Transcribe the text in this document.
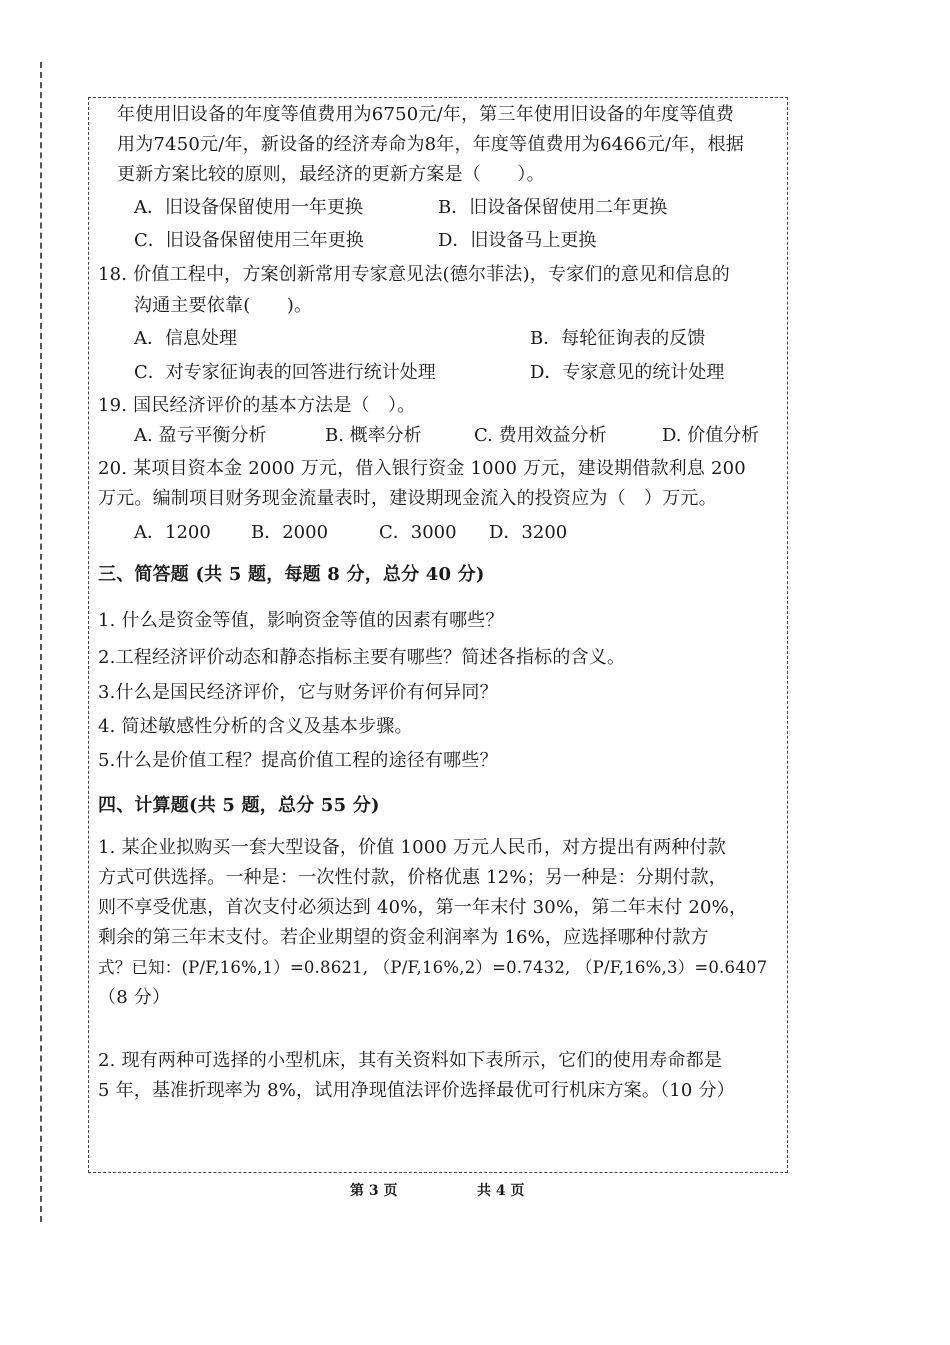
年使用旧设备的年度等值费用为6750元/年，第三年使用旧设备的年度等值费
用为7450元/年，新设备的经济寿命为8年，年度等值费用为6466元/年，根据
更新方案比较的原则，最经济的更新方案是（　　）。
A．旧设备保留使用一年更换	B．旧设备保留使用二年更换
C．旧设备保留使用三年更换	D．旧设备马上更换
18. 价值工程中，方案创新常用专家意见法(德尔菲法)，专家们的意见和信息的
沟通主要依靠(　　)。
A．信息处理	B．每轮征询表的反馈
C．对专家征询表的回答进行统计处理	D．专家意见的统计处理
19. 国民经济评价的基本方法是（　）。
A. 盈亏平衡分析	B. 概率分析	C. 费用效益分析	D. 价值分析
20. 某项目资本金 2000 万元，借入银行资金 1000 万元，建设期借款利息 200
万元。编制项目财务现金流量表时，建设期现金流入的投资应为（　）万元。
A．1200 B．2000	C．3000 D．3200
三、简答题 (共 5 题，每题 8 分，总分 40 分)
1. 什么是资金等值，影响资金等值的因素有哪些？
2.工程经济评价动态和静态指标主要有哪些？简述各指标的含义。
3.什么是国民经济评价，它与财务评价有何异同？
4. 简述敏感性分析的含义及基本步骤。
5.什么是价值工程？提高价值工程的途径有哪些？
四、计算题(共 5 题，总分 55 分)
1. 某企业拟购买一套大型设备，价值 1000 万元人民币，对方提出有两种付款
方式可供选择。一种是：一次性付款，价格优惠 12%；另一种是：分期付款，
则不享受优惠，首次支付必须达到 40%，第一年末付 30%，第二年末付 20%，
剩余的第三年末支付。若企业期望的资金利润率为 16%，应选择哪种付款方
式？已知：(P/F,16%,1）=0.8621, （P/F,16%,2）=0.7432, （P/F,16%,3）=0.6407
（8 分）
2. 现有两种可选择的小型机床，其有关资料如下表所示，它们的使用寿命都是
5 年，基准折现率为 8%，试用净现值法评价选择最优可行机床方案。（10 分）
第 3 页	共 4 页
